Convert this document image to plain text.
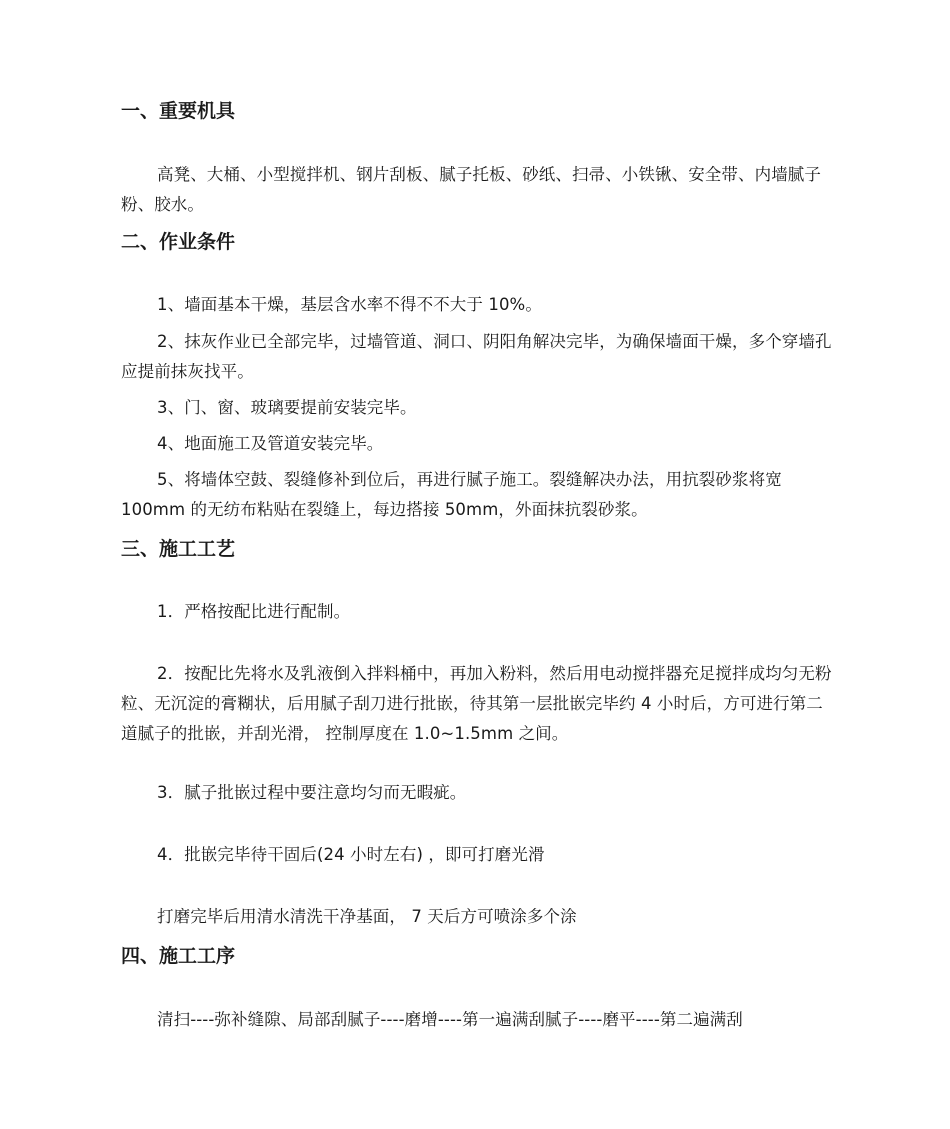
一、重要机具
高凳、大桶、小型搅拌机、钢片刮板、腻子托板、砂纸、扫帚、小铁锹、安全带、内墙腻子粉、胶水。
二、作业条件
1、墙面基本干燥，基层含水率不得不不大于 10%。
2、抹灰作业已全部完毕，过墙管道、洞口、阴阳角解决完毕，为确保墙面干燥，多个穿墙孔应提前抹灰找平。
3、门、窗、玻璃要提前安装完毕。
4、地面施工及管道安装完毕。
5、将墙体空鼓、裂缝修补到位后，再进行腻子施工。裂缝解决办法，用抗裂砂浆将宽 100mm 的无纺布粘贴在裂缝上，每边搭接 50mm，外面抹抗裂砂浆。
三、施工工艺
1．严格按配比进行配制。
2．按配比先将水及乳液倒入拌料桶中，再加入粉料，然后用电动搅拌器充足搅拌成均匀无粉粒、无沉淀的膏糊状，后用腻子刮刀进行批嵌，待其第一层批嵌完毕约 4 小时后，方可进行第二道腻子的批嵌，并刮光滑， 控制厚度在 1.0~1.5mm 之间。
3．腻子批嵌过程中要注意均匀而无暇疵。
4．批嵌完毕待干固后(24 小时左右) ，即可打磨光滑
打磨完毕后用清水清洗干净基面， 7 天后方可喷涂多个涂
四、施工工序
清扫----弥补缝隙、局部刮腻子----磨增----第一遍满刮腻子----磨平----第二遍满刮
